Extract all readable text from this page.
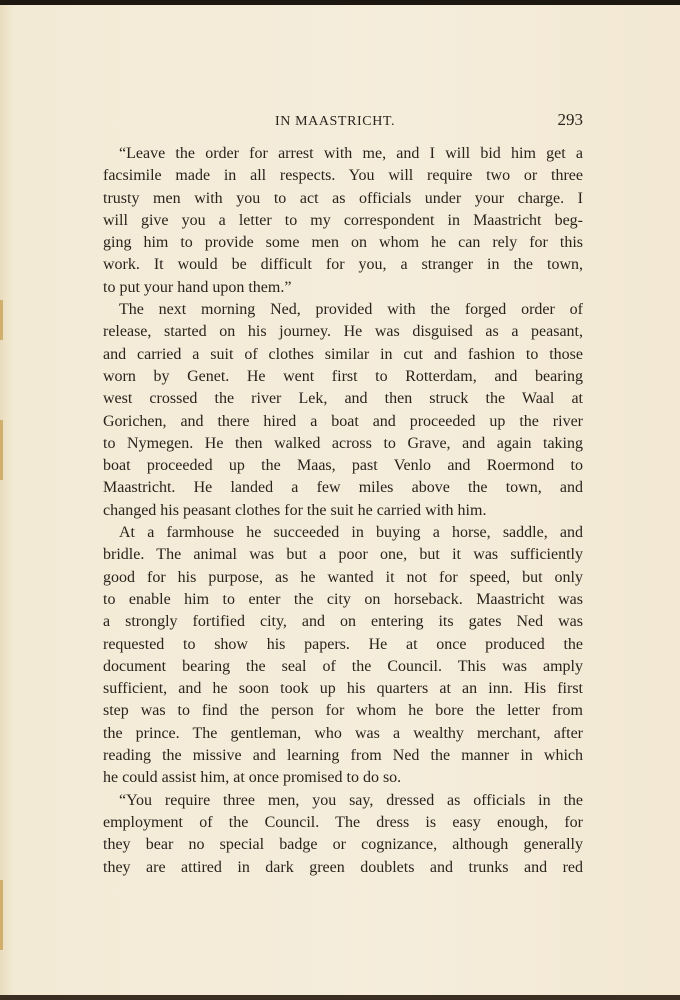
IN MAASTRICHT.	293
“Leave the order for arrest with me, and I will bid him get a
facsimile made in all respects. You will require two or three
trusty men with you to act as officials under your charge. I
will give you a letter to my correspondent in Maastricht beg-
ging him to provide some men on whom he can rely for this
work. It would be difficult for you, a stranger in the town,
to put your hand upon them.”
The next morning Ned, provided with the forged order of
release, started on his journey. He was disguised as a peasant,
and carried a suit of clothes similar in cut and fashion to those
worn by Genet. He went first to Rotterdam, and bearing
west crossed the river Lek, and then struck the Waal at
Gorichen, and there hired a boat and proceeded up the river
to Nymegen. He then walked across to Grave, and again taking
boat proceeded up the Maas, past Venlo and Roermond to
Maastricht. He landed a few miles above the town, and
changed his peasant clothes for the suit he carried with him.
At a farmhouse he succeeded in buying a horse, saddle, and
bridle. The animal was but a poor one, but it was sufficiently
good for his purpose, as he wanted it not for speed, but only
to enable him to enter the city on horseback. Maastricht was
a strongly fortified city, and on entering its gates Ned was
requested to show his papers. He at once produced the
document bearing the seal of the Council. This was amply
sufficient, and he soon took up his quarters at an inn. His first
step was to find the person for whom he bore the letter from
the prince. The gentleman, who was a wealthy merchant, after
reading the missive and learning from Ned the manner in which
he could assist him, at once promised to do so.
“You require three men, you say, dressed as officials in the
employment of the Council. The dress is easy enough, for
they bear no special badge or cognizance, although generally
they are attired in dark green doublets and trunks and red
